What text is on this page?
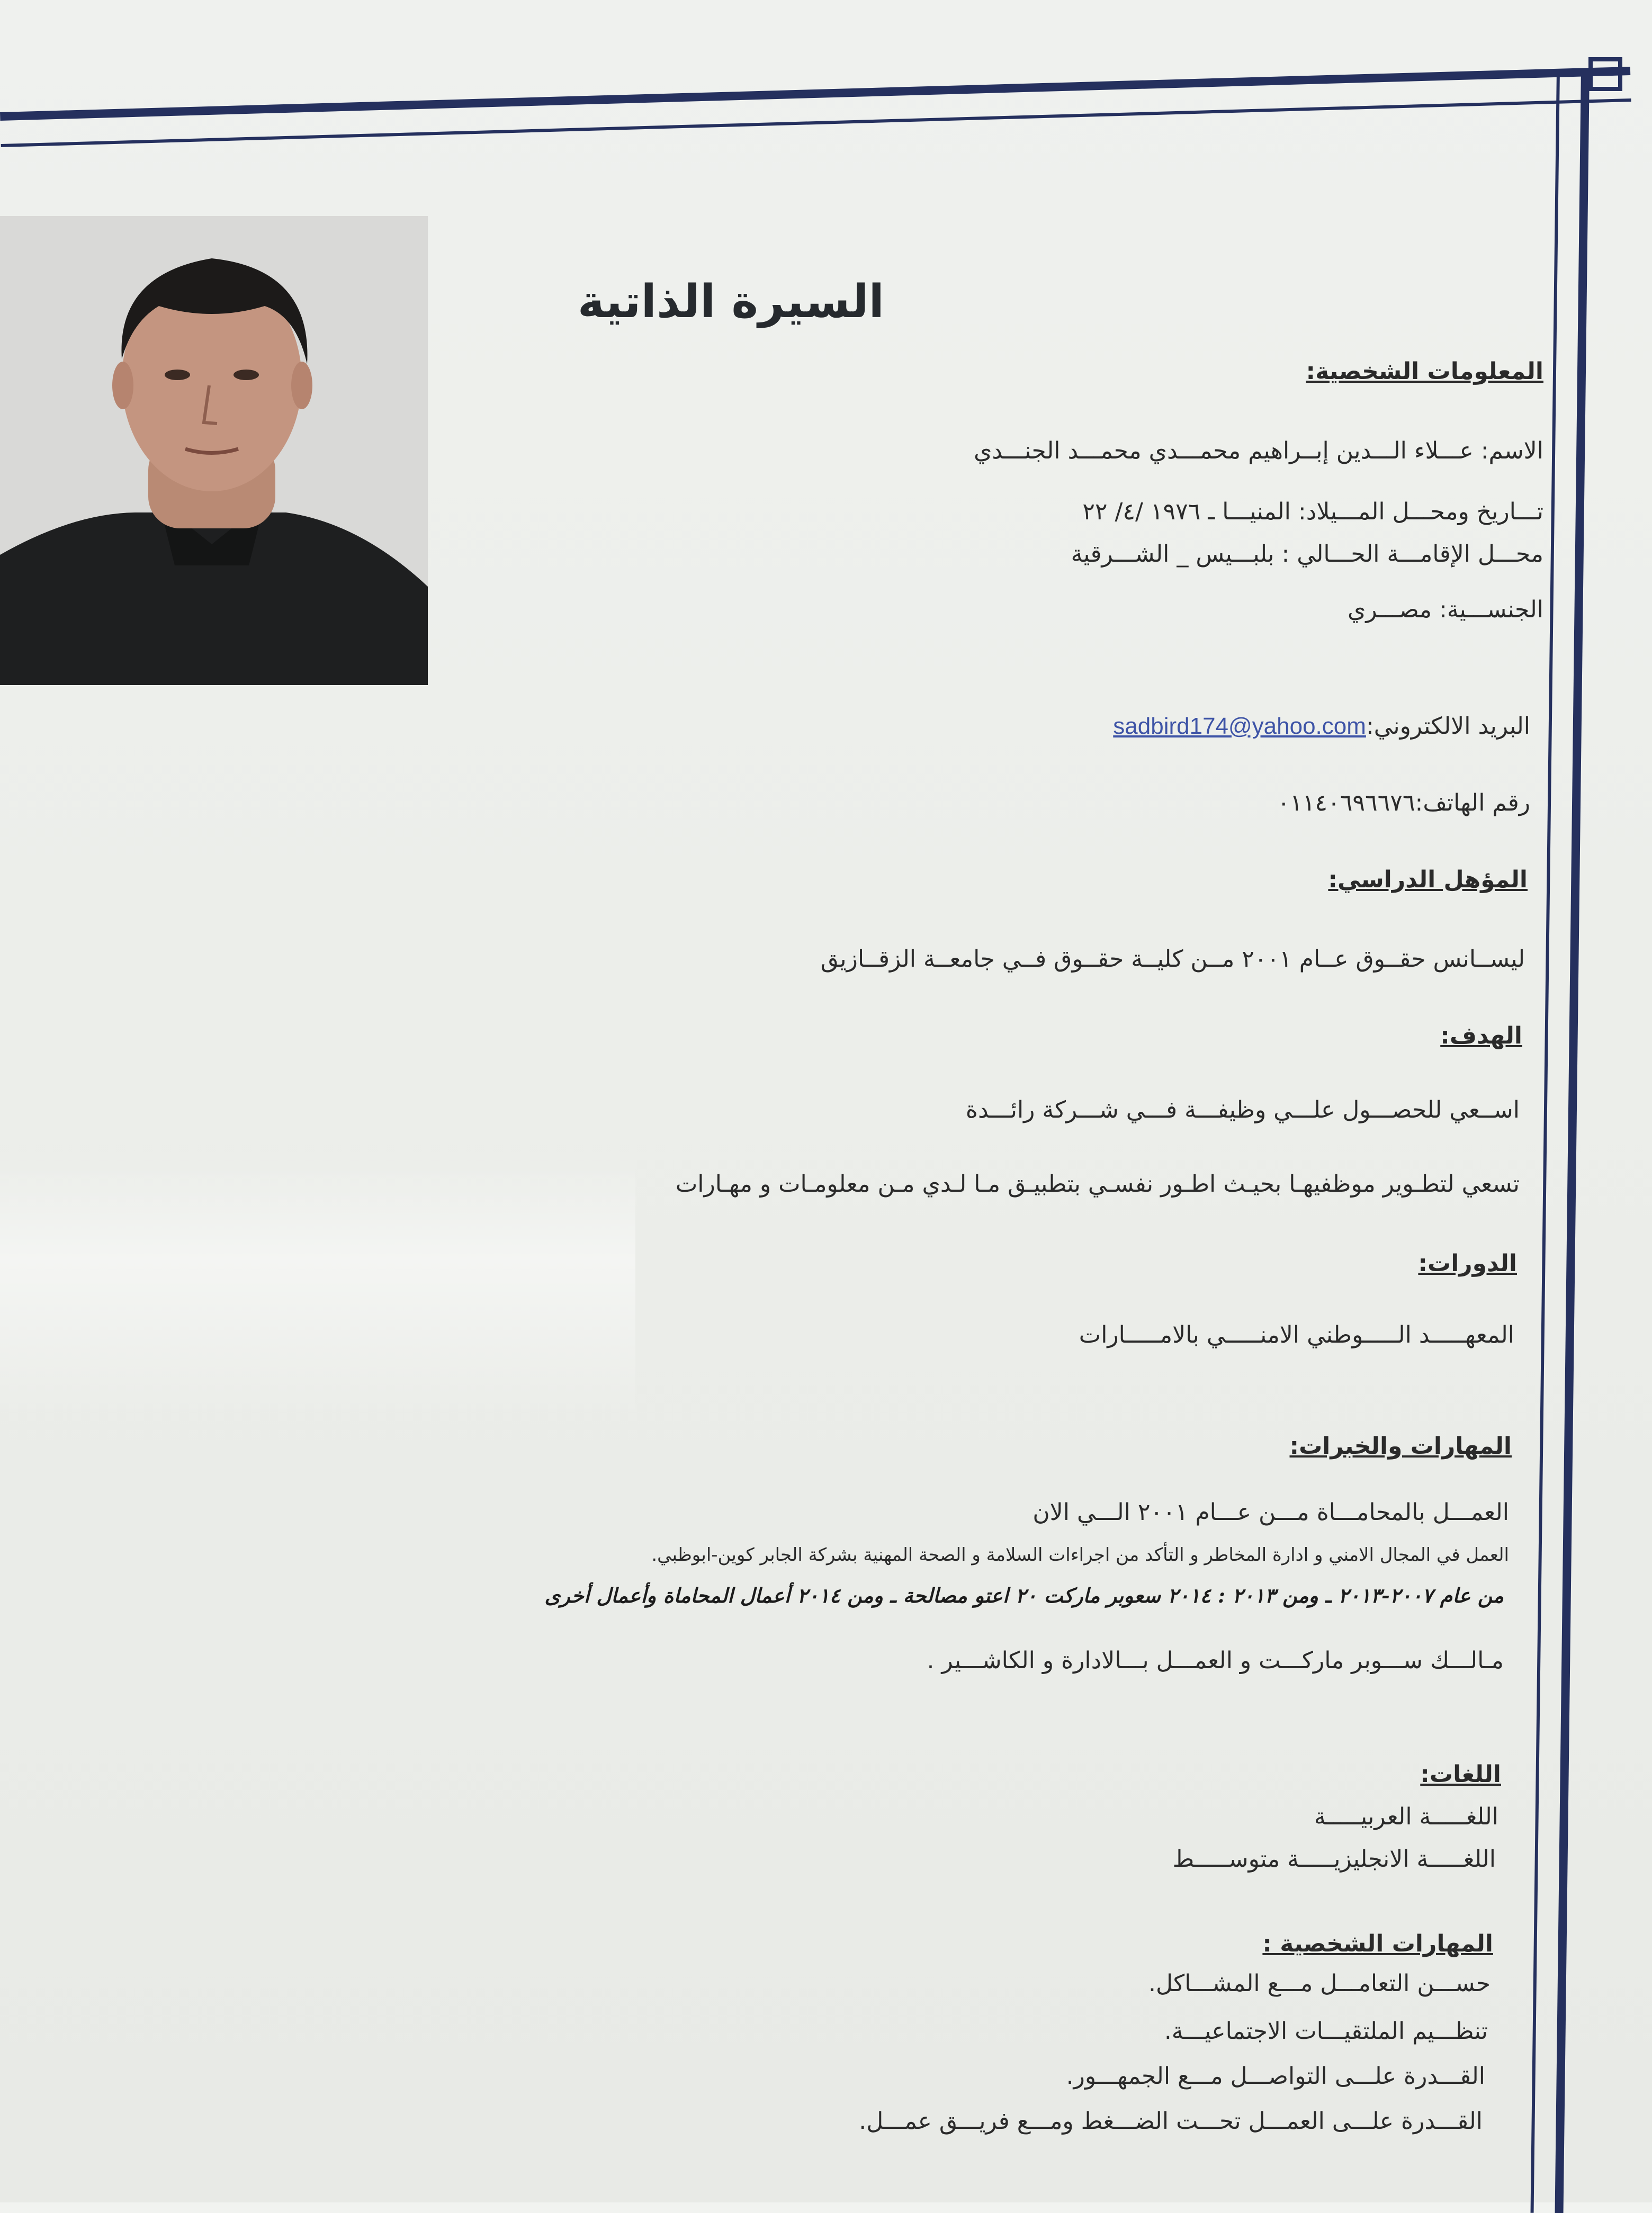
السيرة الذاتية
المعلومات الشخصية:
الاسم: عـــلاء الـــدين إبــراهيم محمـــدي محمـــد الجنـــدي
تـــاريخ ومحـــل المـــيلاد: المنيـــا ـ ١٩٧٦ /٤/ ٢٢
محـــل الإقامـــة الحـــالي : بلبـــيس _ الشـــرقية
الجنســـية: مصـــري
البريد الالكتروني:sadbird174@yahoo.com
رقم الهاتف:٠١١٤٠٦٩٦٦٧٦
المؤهل الدراسي:
ليســانس حقــوق عــام ٢٠٠١ مــن كليــة حقــوق فــي جامعــة الزقــازيق
الهدف:
اســعي للحصـــول علـــي وظيفـــة فـــي شـــركة رائـــدة
تسعي لتطـوير موظفيهـا بحيـث اطـور نفسـي بتطبيـق مـا لـدي مـن معلومـات و مهـارات
الدورات:
المعهـــــد الـــــوطني الامنـــــي بالامـــــارات
المهارات والخبرات:
العمـــل بالمحامـــاة مـــن عـــام ٢٠٠١ الـــي الان
العمل في المجال الامني و ادارة المخاطر و التأكد من اجراءات السلامة و الصحة المهنية بشركة الجابر كوين-ابوظبي.
من عام ٢٠٠٧-٢٠١٣ ـ ومن ٢٠١٣ : ٢٠١٤ سعوبر ماركت ٢٠ اعتو مصالحة ـ ومن ٢٠١٤ أعمال المحاماة وأعمال أخرى
مـالـــك ســـوبر ماركـــت و العمـــل بـــالادارة و الكاشـــير .
اللغات:
اللغـــــة العربيـــــة
اللغـــــة الانجليزيـــــة متوســـــط
المهارات الشخصية :
حســـن التعامـــل مـــع المشـــاكل.
تنظـــيم الملتقيـــات الاجتماعيـــة.
القـــدرة علـــى التواصـــل مـــع الجمهـــور.
القـــدرة علـــى العمـــل تحـــت الضـــغط ومـــع فريـــق عمـــل.
